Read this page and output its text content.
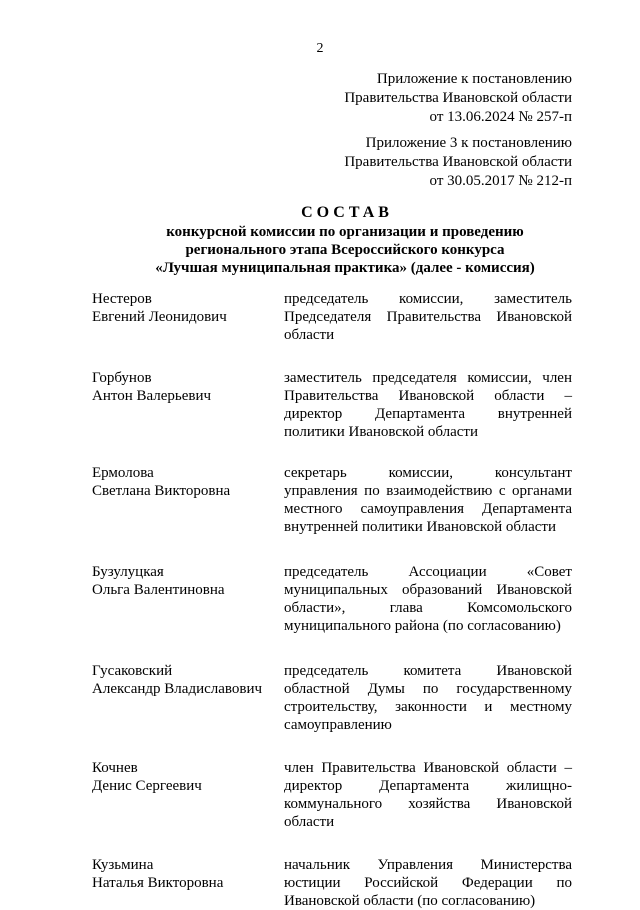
2
Приложение к постановлению
Правительства Ивановской области
от 13.06.2024 № 257-п
Приложение 3 к постановлению
Правительства Ивановской области
от 30.05.2017 № 212-п
СОСТАВ
конкурсной комиссии по организации и проведению
регионального этапа Всероссийского конкурса
«Лучшая муниципальная практика» (далее - комиссия)
Нестеров
Евгений Леонидович
председатель комиссии, заместитель
Председателя Правительства Ивановской
области
Горбунов
Антон Валерьевич
заместитель председателя комиссии, член
Правительства Ивановской области –
директор Департамента внутренней
политики Ивановской области
Ермолова
Светлана Викторовна
секретарь комиссии, консультант
управления по взаимодействию с органами
местного самоуправления Департамента
внутренней политики Ивановской области
Бузулуцкая
Ольга Валентиновна
председатель Ассоциации «Совет
муниципальных образований Ивановской
области», глава Комсомольского
муниципального района (по согласованию)
Гусаковский
Александр Владиславович
председатель комитета Ивановской
областной Думы по государственному
строительству, законности и местному
самоуправлению
Кочнев
Денис Сергеевич
член Правительства Ивановской области –
директор Департамента жилищно-
коммунального хозяйства Ивановской
области
Кузьмина
Наталья Викторовна
начальник Управления Министерства
юстиции Российской Федерации по
Ивановской области (по согласованию)
